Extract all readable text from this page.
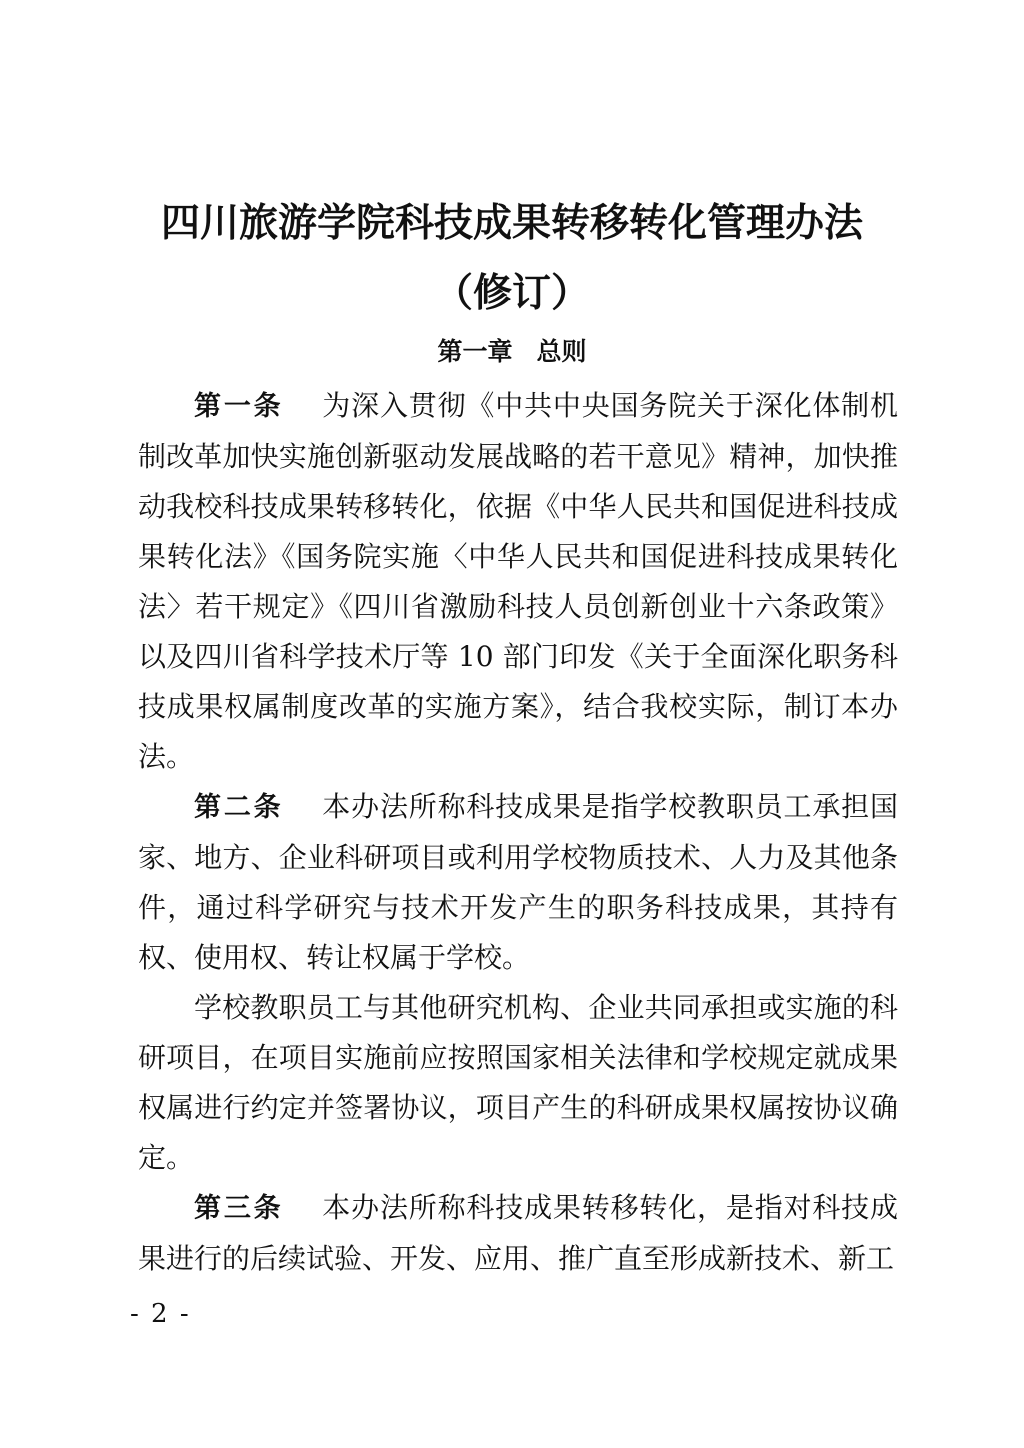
四川旅游学院科技成果转移转化管理办法
（修订）
第一章 总则

第一条 为深入贯彻《中共中央国务院关于深化体制机制改革加快实施创新驱动发展战略的若干意见》精神，加快推动我校科技成果转移转化，依据《中华人民共和国促进科技成果转化法》《国务院实施〈中华人民共和国促进科技成果转化法〉若干规定》《四川省激励科技人员创新创业十六条政策》以及四川省科学技术厅等 10 部门印发《关于全面深化职务科技成果权属制度改革的实施方案》，结合我校实际，制订本办法。

第二条 本办法所称科技成果是指学校教职员工承担国家、地方、企业科研项目或利用学校物质技术、人力及其他条件，通过科学研究与技术开发产生的职务科技成果，其持有权、使用权、转让权属于学校。

学校教职员工与其他研究机构、企业共同承担或实施的科研项目，在项目实施前应按照国家相关法律和学校规定就成果权属进行约定并签署协议，项目产生的科研成果权属按协议确定。

第三条 本办法所称科技成果转移转化，是指对科技成果进行的后续试验、开发、应用、推广直至形成新技术、新工

- 2 -
